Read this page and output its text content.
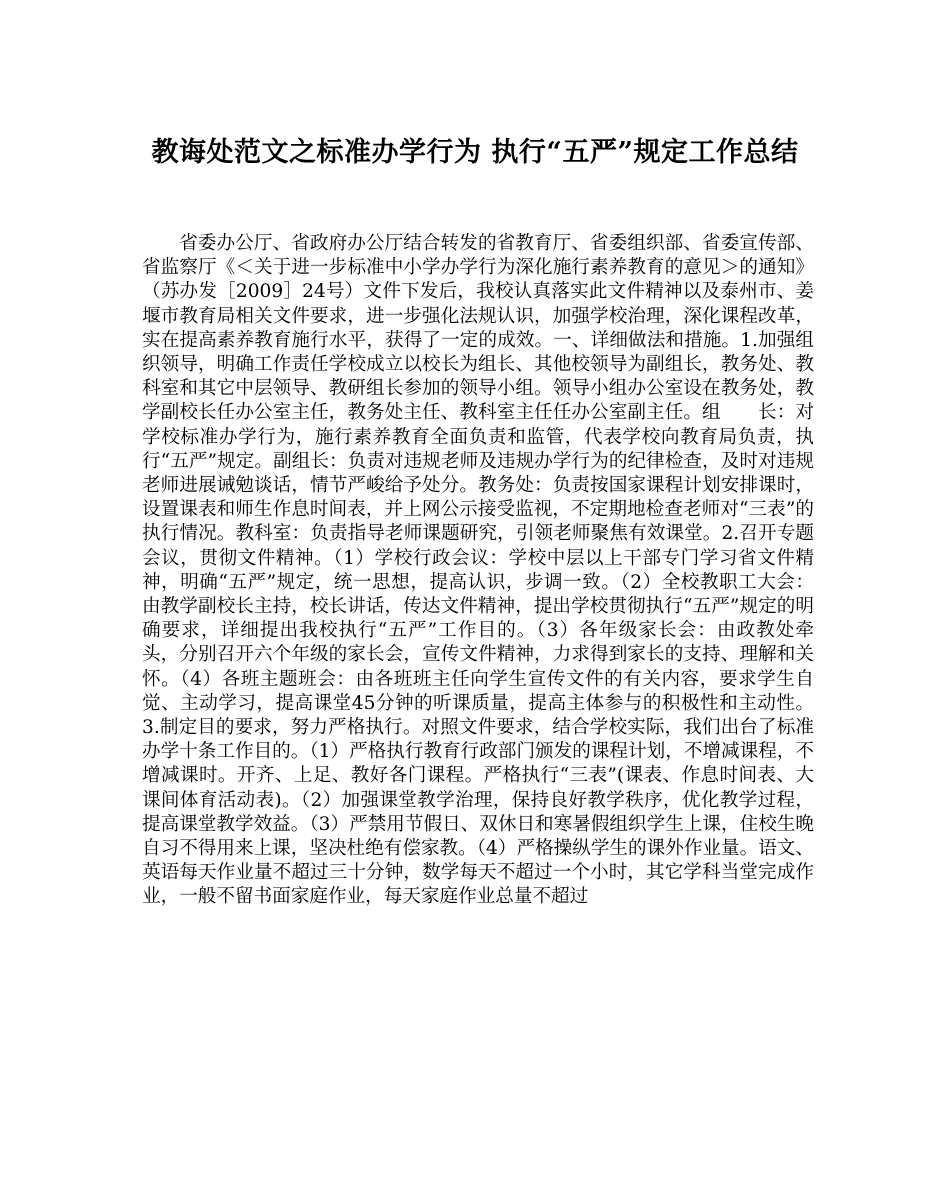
教诲处范文之标准办学行为 执行“五严”规定工作总结

省委办公厅、省政府办公厅结合转发的省教育厅、省委组织部、省委宣传部、省监察厅《＜关于进一步标准中小学办学行为深化施行素养教育的意见＞的通知》（苏办发［2009］24号）文件下发后，我校认真落实此文件精神以及泰州市、姜堰市教育局相关文件要求，进一步强化法规认识，加强学校治理，深化课程改革，实在提高素养教育施行水平，获得了一定的成效。一、详细做法和措施。1.加强组织领导，明确工作责任学校成立以校长为组长、其他校领导为副组长，教务处、教科室和其它中层领导、教研组长参加的领导小组。领导小组办公室设在教务处，教学副校长任办公室主任，教务处主任、教科室主任任办公室副主任。组　　长：对学校标准办学行为，施行素养教育全面负责和监管，代表学校向教育局负责，执行“五严”规定。副组长：负责对违规老师及违规办学行为的纪律检查，及时对违规老师进展诫勉谈话，情节严峻给予处分。教务处：负责按国家课程计划安排课时，设置课表和师生作息时间表，并上网公示接受监视，不定期地检查老师对“三表”的执行情况。教科室：负责指导老师课题研究，引领老师聚焦有效课堂。2.召开专题会议，贯彻文件精神。（1）学校行政会议：学校中层以上干部专门学习省文件精神，明确“五严”规定，统一思想，提高认识，步调一致。（2）全校教职工大会：由教学副校长主持，校长讲话，传达文件精神，提出学校贯彻执行“五严”规定的明确要求，详细提出我校执行“五严”工作目的。（3）各年级家长会：由政教处牵头，分别召开六个年级的家长会，宣传文件精神，力求得到家长的支持、理解和关怀。（4）各班主题班会：由各班班主任向学生宣传文件的有关内容，要求学生自觉、主动学习，提高课堂45分钟的听课质量，提高主体参与的积极性和主动性。3.制定目的要求，努力严格执行。对照文件要求，结合学校实际，我们出台了标准办学十条工作目的。（1）严格执行教育行政部门颁发的课程计划，不增减课程，不增减课时。开齐、上足、教好各门课程。严格执行“三表”(课表、作息时间表、大课间体育活动表)。（2）加强课堂教学治理，保持良好教学秩序，优化教学过程，提高课堂教学效益。（3）严禁用节假日、双休日和寒暑假组织学生上课，住校生晚自习不得用来上课，坚决杜绝有偿家教。（4）严格操纵学生的课外作业量。语文、英语每天作业量不超过三十分钟，数学每天不超过一个小时，其它学科当堂完成作业，一般不留书面家庭作业，每天家庭作业总量不超过
